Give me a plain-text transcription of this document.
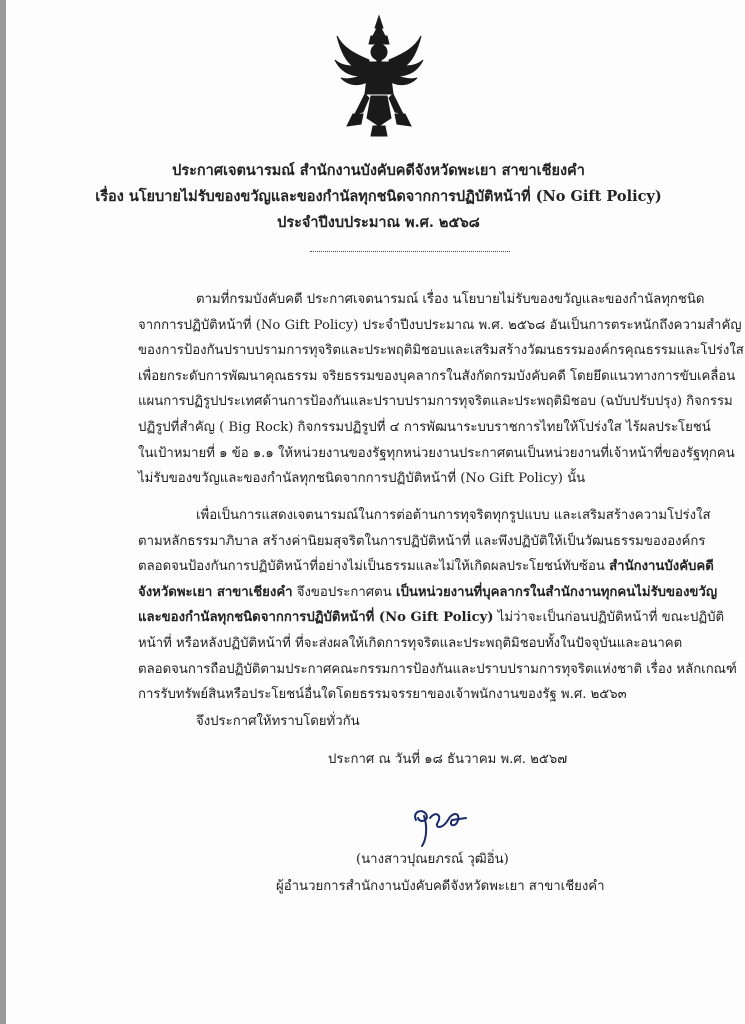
ประกาศเจตนารมณ์ สำนักงานบังคับคดีจังหวัดพะเยา สาขาเชียงคำ
เรื่อง นโยบายไม่รับของขวัญและของกำนัลทุกชนิดจากการปฏิบัติหน้าที่ (No Gift Policy)
ประจำปีงบประมาณ พ.ศ. ๒๕๖๘
ตามที่กรมบังคับคดี ประกาศเจตนารมณ์ เรื่อง นโยบายไม่รับของขวัญและของกำนัลทุกชนิด
จากการปฏิบัติหน้าที่ (No Gift Policy) ประจำปีงบประมาณ พ.ศ. ๒๕๖๘ อันเป็นการตระหนักถึงความสำคัญ
ของการป้องกันปราบปรามการทุจริตและประพฤติมิชอบและเสริมสร้างวัฒนธรรมองค์กรคุณธรรมและโปร่งใส
เพื่อยกระดับการพัฒนาคุณธรรม จริยธรรมของบุคลากรในสังกัดกรมบังคับคดี โดยยึดแนวทางการขับเคลื่อน
แผนการปฏิรูปประเทศด้านการป้องกันและปราบปรามการทุจริตและประพฤติมิชอบ (ฉบับปรับปรุง) กิจกรรม
ปฏิรูปที่สำคัญ ( Big Rock) กิจกรรมปฏิรูปที่ ๔ การพัฒนาระบบราชการไทยให้โปร่งใส ไร้ผลประโยชน์
ในเป้าหมายที่ ๑ ข้อ ๑.๑ ให้หน่วยงานของรัฐทุกหน่วยงานประกาศตนเป็นหน่วยงานที่เจ้าหน้าที่ของรัฐทุกคน
ไม่รับของขวัญและของกำนัลทุกชนิดจากการปฏิบัติหน้าที่ (No Gift Policy) นั้น
เพื่อเป็นการแสดงเจตนารมณ์ในการต่อต้านการทุจริตทุกรูปแบบ และเสริมสร้างความโปร่งใส
ตามหลักธรรมาภิบาล สร้างค่านิยมสุจริตในการปฏิบัติหน้าที่ และพึงปฏิบัติให้เป็นวัฒนธรรมขององค์กร
ตลอดจนป้องกันการปฏิบัติหน้าที่อย่างไม่เป็นธรรมและไม่ให้เกิดผลประโยชน์ทับซ้อน สำนักงานบังคับคดี
จังหวัดพะเยา สาขาเชียงคำ จึงขอประกาศตน เป็นหน่วยงานที่บุคลากรในสำนักงานทุกคนไม่รับของขวัญ
และของกำนัลทุกชนิดจากการปฏิบัติหน้าที่ (No Gift Policy) ไม่ว่าจะเป็นก่อนปฏิบัติหน้าที่ ขณะปฏิบัติ
หน้าที่ หรือหลังปฏิบัติหน้าที่ ที่จะส่งผลให้เกิดการทุจริตและประพฤติมิชอบทั้งในปัจจุบันและอนาคต
ตลอดจนการถือปฏิบัติตามประกาศคณะกรรมการป้องกันและปราบปรามการทุจริตแห่งชาติ เรื่อง หลักเกณฑ์
การรับทรัพย์สินหรือประโยชน์อื่นใดโดยธรรมจรรยาของเจ้าพนักงานของรัฐ พ.ศ. ๒๕๖๓
จึงประกาศให้ทราบโดยทั่วกัน
ประกาศ ณ วันที่ ๑๘ ธันวาคม พ.ศ. ๒๕๖๗
(นางสาวปุณยภรณ์ วุฒิอิ่น)
ผู้อำนวยการสำนักงานบังคับคดีจังหวัดพะเยา สาขาเชียงคำ
